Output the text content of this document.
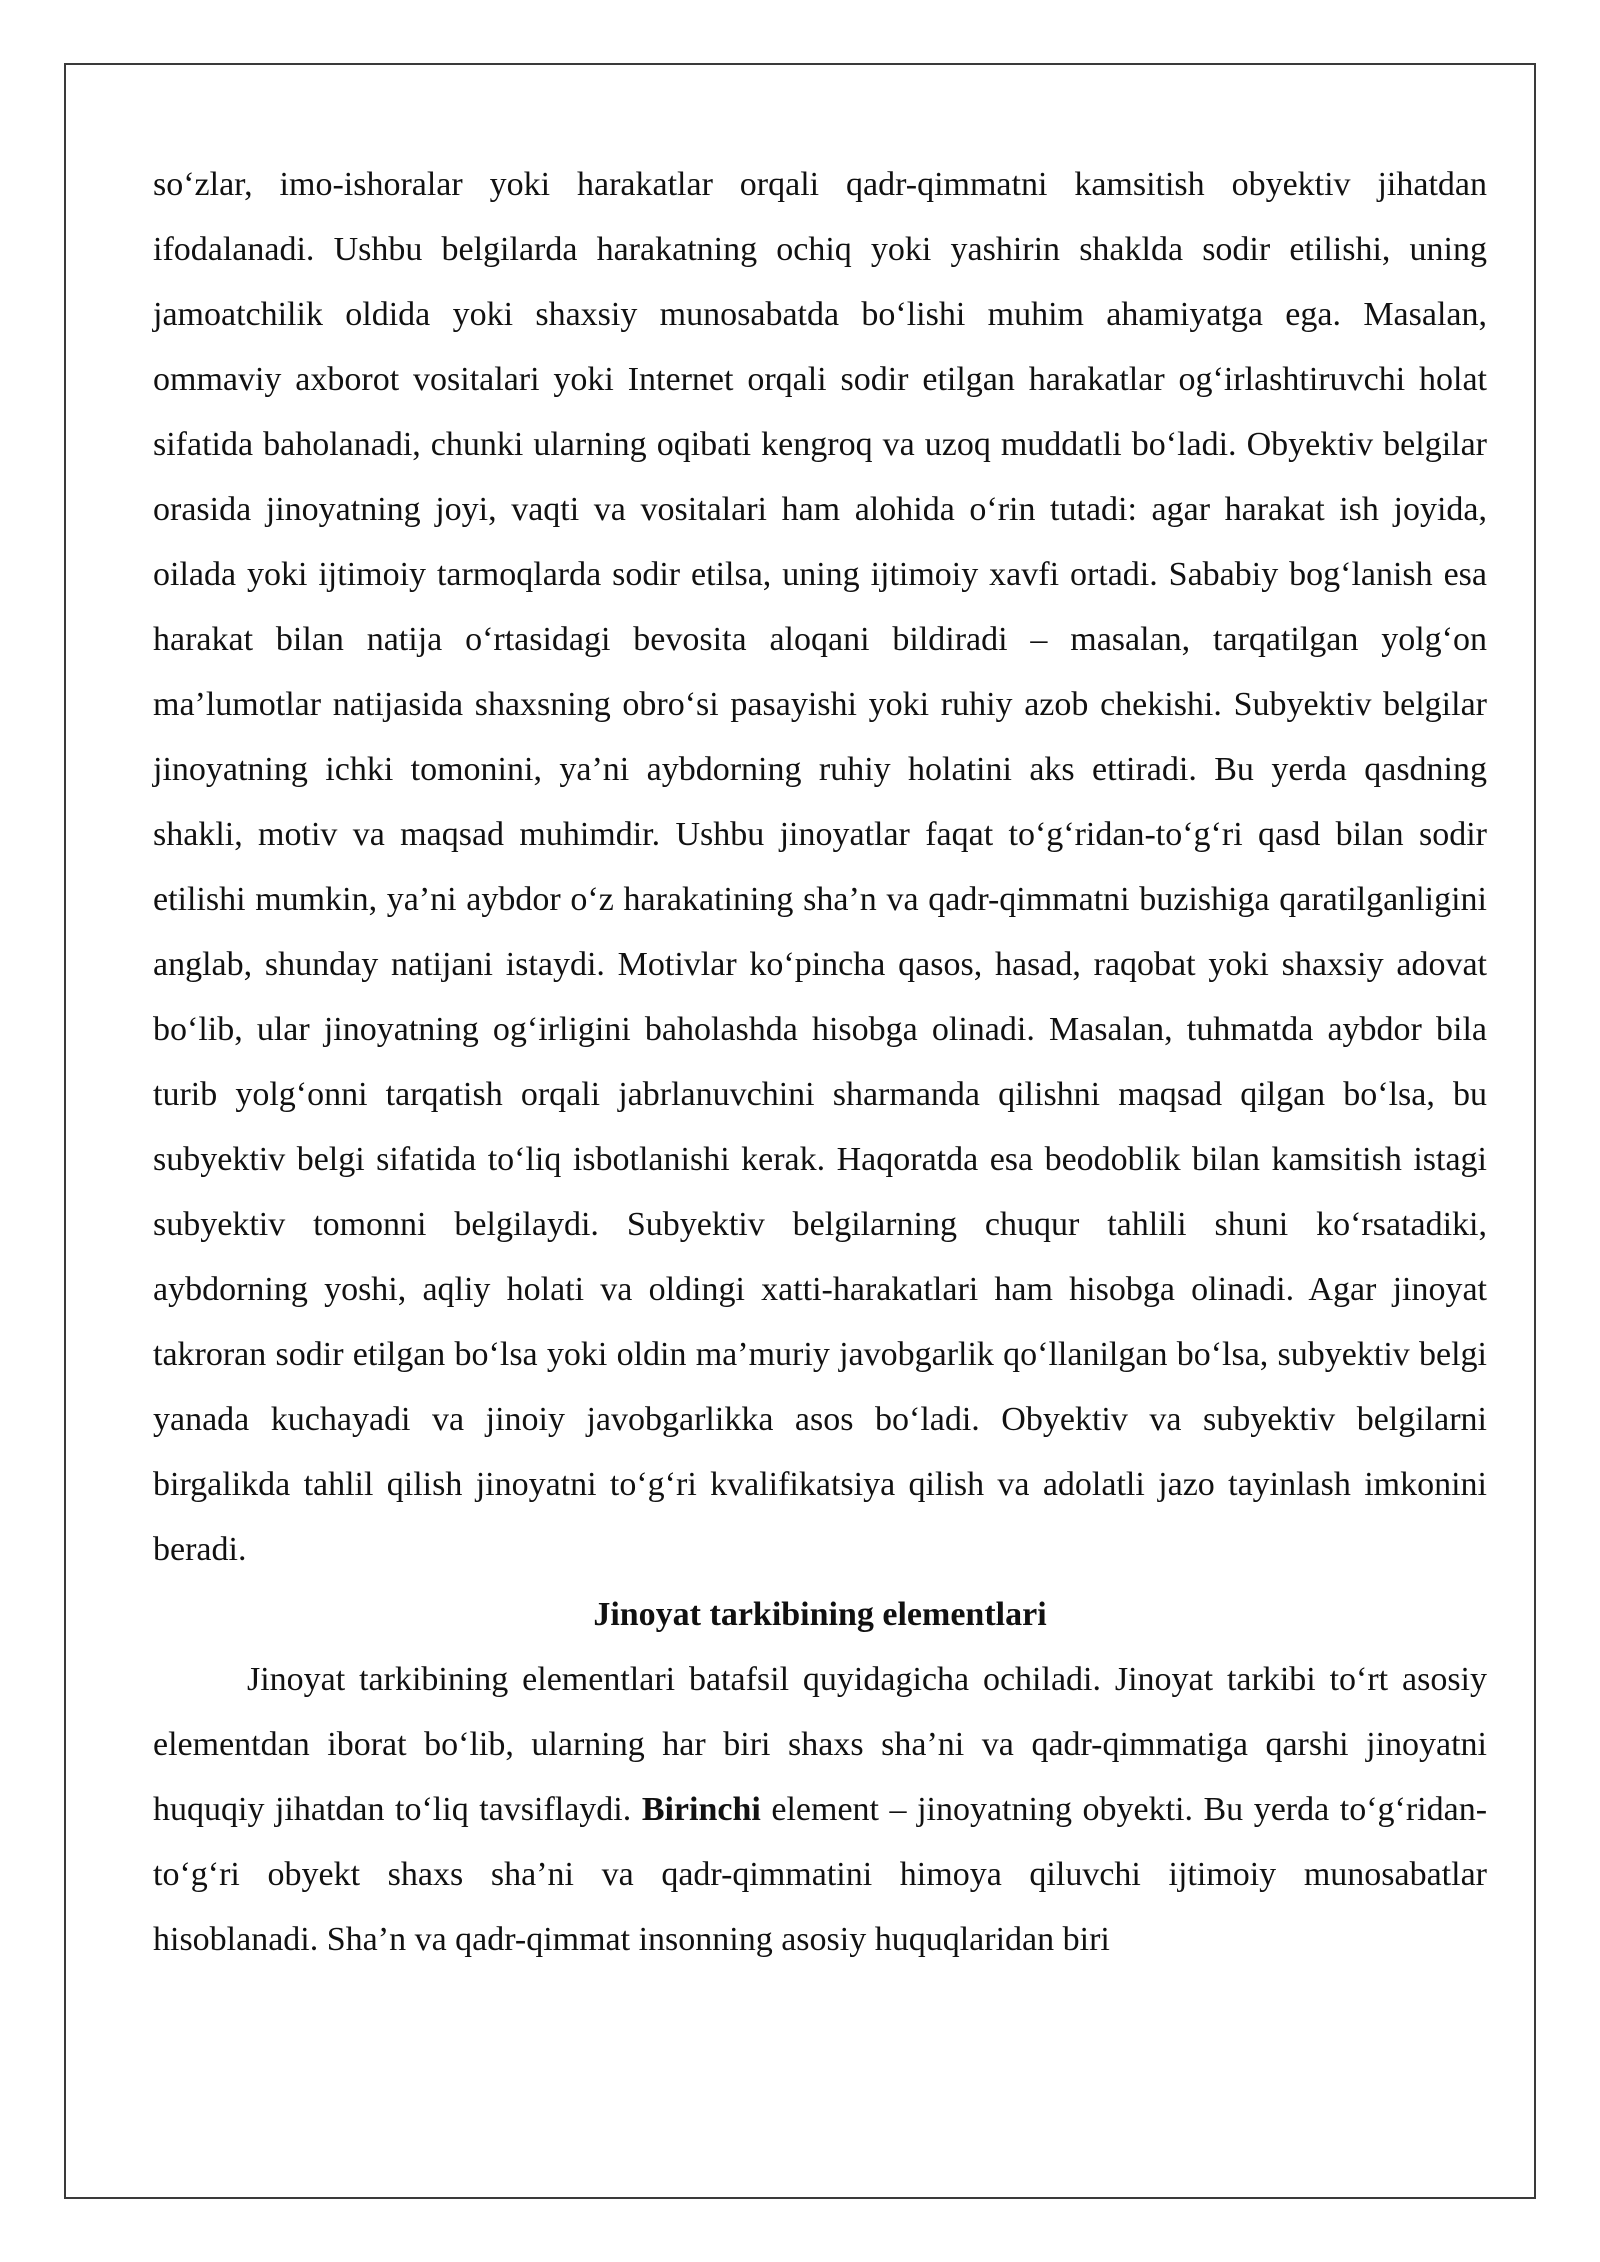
so‘zlar, imo-ishoralar yoki harakatlar orqali qadr-qimmatni kamsitish obyektiv jihatdan ifodalanadi. Ushbu belgilarda harakatning ochiq yoki yashirin shaklda sodir etilishi, uning jamoatchilik oldida yoki shaxsiy munosabatda bo‘lishi muhim ahamiyatga ega. Masalan, ommaviy axborot vositalari yoki Internet orqali sodir etilgan harakatlar og‘irlashtiruvchi holat sifatida baholanadi, chunki ularning oqibati kengroq va uzoq muddatli bo‘ladi. Obyektiv belgilar orasida jinoyatning joyi, vaqti va vositalari ham alohida o‘rin tutadi: agar harakat ish joyida, oilada yoki ijtimoiy tarmoqlarda sodir etilsa, uning ijtimoiy xavfi ortadi. Sababiy bog‘lanish esa harakat bilan natija o‘rtasidagi bevosita aloqani bildiradi – masalan, tarqatilgan yolg‘on ma’lumotlar natijasida shaxsning obro‘si pasayishi yoki ruhiy azob chekishi. Subyektiv belgilar jinoyatning ichki tomonini, ya’ni aybdorning ruhiy holatini aks ettiradi. Bu yerda qasdning shakli, motiv va maqsad muhimdir. Ushbu jinoyatlar faqat to‘g‘ridan-to‘g‘ri qasd bilan sodir etilishi mumkin, ya’ni aybdor o‘z harakatining sha’n va qadr-qimmatni buzishiga qaratilganligini anglab, shunday natijani istaydi. Motivlar ko‘pincha qasos, hasad, raqobat yoki shaxsiy adovat bo‘lib, ular jinoyatning og‘irligini baholashda hisobga olinadi. Masalan, tuhmatda aybdor bila turib yolg‘onni tarqatish orqali jabrlanuvchini sharmanda qilishni maqsad qilgan bo‘lsa, bu subyektiv belgi sifatida to‘liq isbotlanishi kerak. Haqoratda esa beodoblik bilan kamsitish istagi subyektiv tomonni belgilaydi. Subyektiv belgilarning chuqur tahlili shuni ko‘rsatadiki, aybdorning yoshi, aqliy holati va oldingi xatti-harakatlari ham hisobga olinadi. Agar jinoyat takroran sodir etilgan bo‘lsa yoki oldin ma’muriy javobgarlik qo‘llanilgan bo‘lsa, subyektiv belgi yanada kuchayadi va jinoiy javobgarlikka asos bo‘ladi. Obyektiv va subyektiv belgilarni birgalikda tahlil qilish jinoyatni to‘g‘ri kvalifikatsiya qilish va adolatli jazo tayinlash imkonini beradi.

Jinoyat tarkibining elementlari

Jinoyat tarkibining elementlari batafsil quyidagicha ochiladi. Jinoyat tarkibi to‘rt asosiy elementdan iborat bo‘lib, ularning har biri shaxs sha’ni va qadr-qimmatiga qarshi jinoyatni huquqiy jihatdan to‘liq tavsiflaydi. Birinchi element – jinoyatning obyekti. Bu yerda to‘g‘ridan-to‘g‘ri obyekt shaxs sha’ni va qadr-qimmatini himoya qiluvchi ijtimoiy munosabatlar hisoblanadi. Sha’n va qadr-qimmat insonning asosiy huquqlaridan biri
